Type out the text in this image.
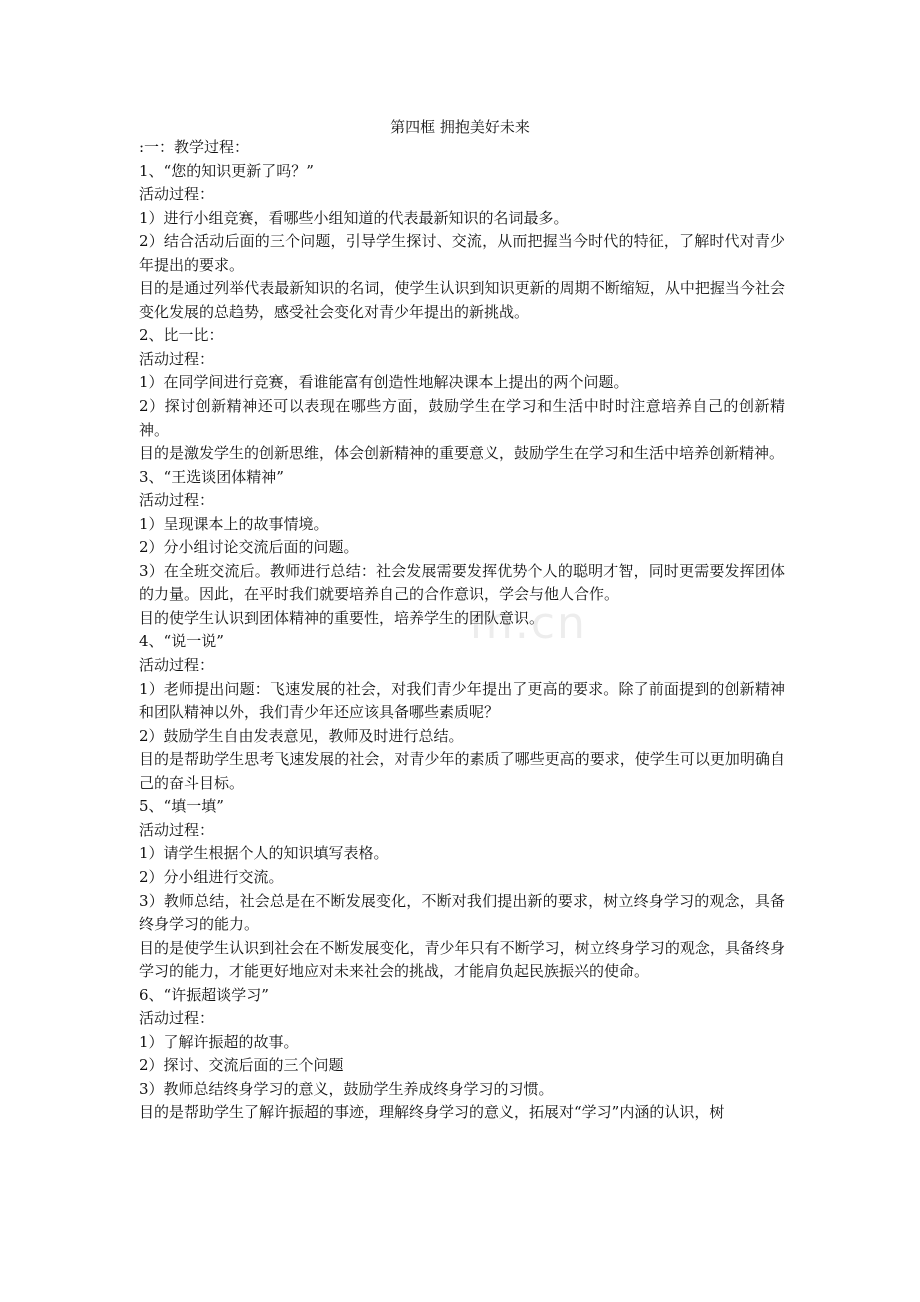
第四框 拥抱美好未来

:一：教学过程：

1、“您的知识更新了吗？”

活动过程：

1）进行小组竞赛，看哪些小组知道的代表最新知识的名词最多。

2）结合活动后面的三个问题，引导学生探讨、交流，从而把握当今时代的特征，了解时代对青少年提出的要求。

目的是通过列举代表最新知识的名词，使学生认识到知识更新的周期不断缩短，从中把握当今社会变化发展的总趋势，感受社会变化对青少年提出的新挑战。

2、比一比：

活动过程：

1）在同学间进行竞赛，看谁能富有创造性地解决课本上提出的两个问题。

2）探讨创新精神还可以表现在哪些方面，鼓励学生在学习和生活中时时注意培养自己的创新精神。

目的是激发学生的创新思维，体会创新精神的重要意义，鼓励学生在学习和生活中培养创新精神。

3、“王选谈团体精神”

活动过程：

1）呈现课本上的故事情境。

2）分小组讨论交流后面的问题。

3）在全班交流后。教师进行总结：社会发展需要发挥优势个人的聪明才智，同时更需要发挥团体的力量。因此，在平时我们就要培养自己的合作意识，学会与他人合作。

目的使学生认识到团体精神的重要性，培养学生的团队意识。

4、“说一说”

活动过程：

1）老师提出问题：飞速发展的社会，对我们青少年提出了更高的要求。除了前面提到的创新精神和团队精神以外，我们青少年还应该具备哪些素质呢？

2）鼓励学生自由发表意见，教师及时进行总结。

目的是帮助学生思考飞速发展的社会，对青少年的素质了哪些更高的要求，使学生可以更加明确自己的奋斗目标。

5、“填一填”

活动过程：

1）请学生根据个人的知识填写表格。

2）分小组进行交流。

3）教师总结，社会总是在不断发展变化，不断对我们提出新的要求，树立终身学习的观念，具备终身学习的能力。

目的是使学生认识到社会在不断发展变化，青少年只有不断学习，树立终身学习的观念，具备终身学习的能力，才能更好地应对未来社会的挑战，才能肩负起民族振兴的使命。

6、“许振超谈学习”

活动过程：

1）了解许振超的故事。

2）探讨、交流后面的三个问题

3）教师总结终身学习的意义，鼓励学生养成终身学习的习惯。

目的是帮助学生了解许振超的事迹，理解终身学习的意义，拓展对“学习”内涵的认识，树

m.cn
